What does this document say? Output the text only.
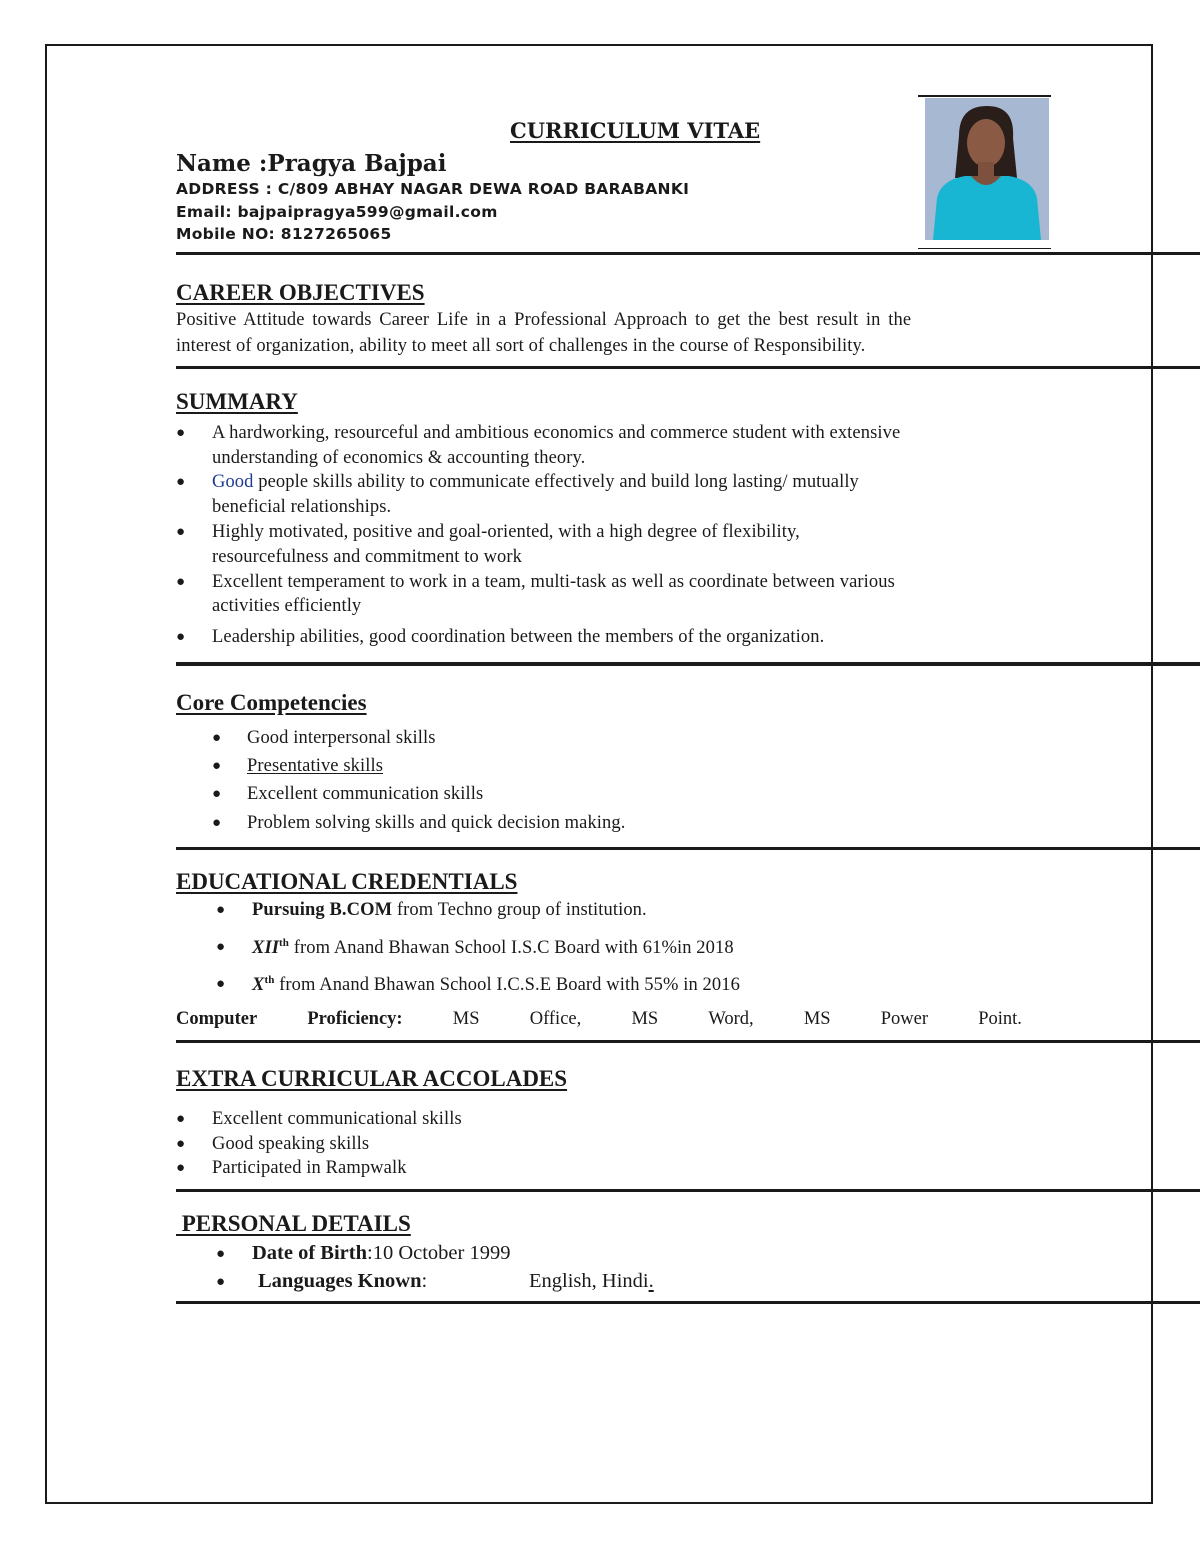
CURRICULUM VITAE
Name :Pragya Bajpai
ADDRESS : C/809 ABHAY NAGAR DEWA ROAD BARABANKI
Email: bajpaipragya599@gmail.com
Mobile NO: 8127265065
CAREER OBJECTIVES
Positive Attitude towards Career Life in a Professional Approach to get the best result in the
interest of organization, ability to meet all sort of challenges in the course of Responsibility.
SUMMARY
● A hardworking, resourceful and ambitious economics and commerce student with extensive
understanding of economics & accounting theory.
● Good people skills ability to communicate effectively and build long lasting/ mutually
beneficial relationships.
● Highly motivated, positive and goal-oriented, with a high degree of flexibility,
resourcefulness and commitment to work
● Excellent temperament to work in a team, multi-task as well as coordinate between various
activities efficiently
● Leadership abilities, good coordination between the members of the organization.
Core Competencies
● Good interpersonal skills
● Presentative skills
● Excellent communication skills
● Problem solving skills and quick decision making.
EDUCATIONAL CREDENTIALS
● Pursuing B.COM from Techno group of institution.
● XIIth from Anand Bhawan School I.S.C Board with 61%in 2018
● Xth from Anand Bhawan School I.C.S.E Board with 55% in 2016
Computer	Proficiency:	MS	Office,	MS	Word,	MS	Power	Point.
EXTRA CURRICULAR ACCOLADES
● Excellent communicational skills
● Good speaking skills
● Participated in Rampwalk
PERSONAL DETAILS
● Date of Birth:10 October 1999
● Languages Known:	English, Hindi.
